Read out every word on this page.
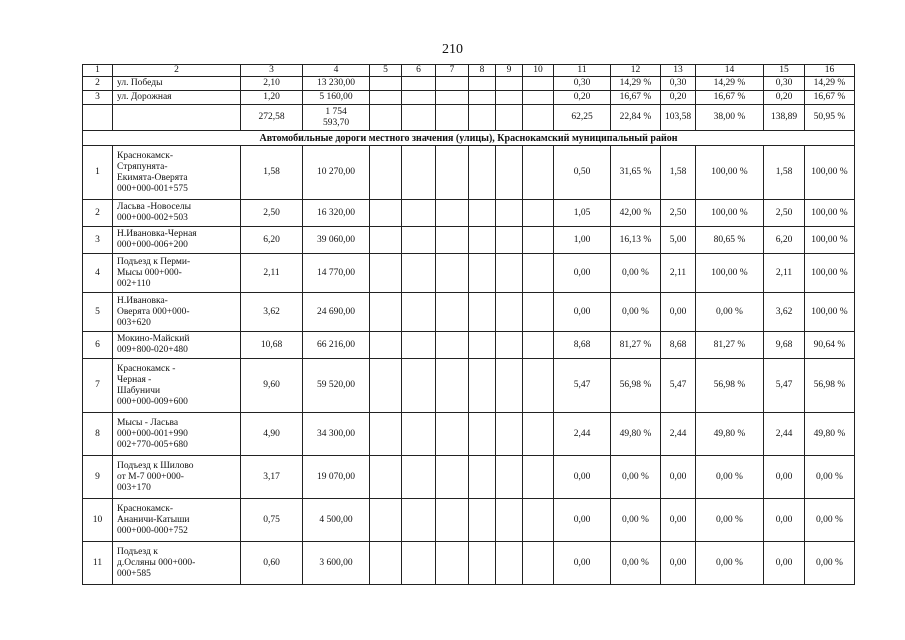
210
1	2	3	4	5	6	7	8	9	10	11	12	13	14	15	16
2	ул. Победы	2,10	13 230,00							0,30	14,29 %	0,30	14,29 %	0,30	14,29 %
3	ул. Дорожная	1,20	5 160,00							0,20	16,67 %	0,20	16,67 %	0,20	16,67 %
		272,58	1 754
593,70							62,25	22,84 %	103,58	38,00 %	138,89	50,95 %
Автомобильные дороги местного значения (улицы), Краснокамский муниципальный район															
1	Краснокамск-
Стряпунята-
Екимята-Оверята
000+000-001+575	1,58	10 270,00							0,50	31,65 %	1,58	100,00 %	1,58	100,00 %
2	Ласьва -Новоселы
000+000-002+503	2,50	16 320,00							1,05	42,00 %	2,50	100,00 %	2,50	100,00 %
3	Н.Ивановка-Черная
000+000-006+200	6,20	39 060,00							1,00	16,13 %	5,00	80,65 %	6,20	100,00 %
4	Подъезд к Перми-
Мысы 000+000-
002+110	2,11	14 770,00							0,00	0,00 %	2,11	100,00 %	2,11	100,00 %
5	Н.Ивановка-
Оверята 000+000-
003+620	3,62	24 690,00							0,00	0,00 %	0,00	0,00 %	3,62	100,00 %
6	Мокино-Майский
009+800-020+480	10,68	66 216,00							8,68	81,27 %	8,68	81,27 %	9,68	90,64 %
7	Краснокамск -
Черная -
Шабуничи
000+000-009+600	9,60	59 520,00							5,47	56,98 %	5,47	56,98 %	5,47	56,98 %
8	Мысы - Ласьва
000+000-001+990
002+770-005+680	4,90	34 300,00							2,44	49,80 %	2,44	49,80 %	2,44	49,80 %
9	Подъезд к Шилово
от М-7 000+000-
003+170	3,17	19 070,00							0,00	0,00 %	0,00	0,00 %	0,00	0,00 %
10	Краснокамск-
Ананичи-Катыши
000+000-000+752	0,75	4 500,00							0,00	0,00 %	0,00	0,00 %	0,00	0,00 %
11	Подъезд к
д.Осляны 000+000-
000+585	0,60	3 600,00							0,00	0,00 %	0,00	0,00 %	0,00	0,00 %
